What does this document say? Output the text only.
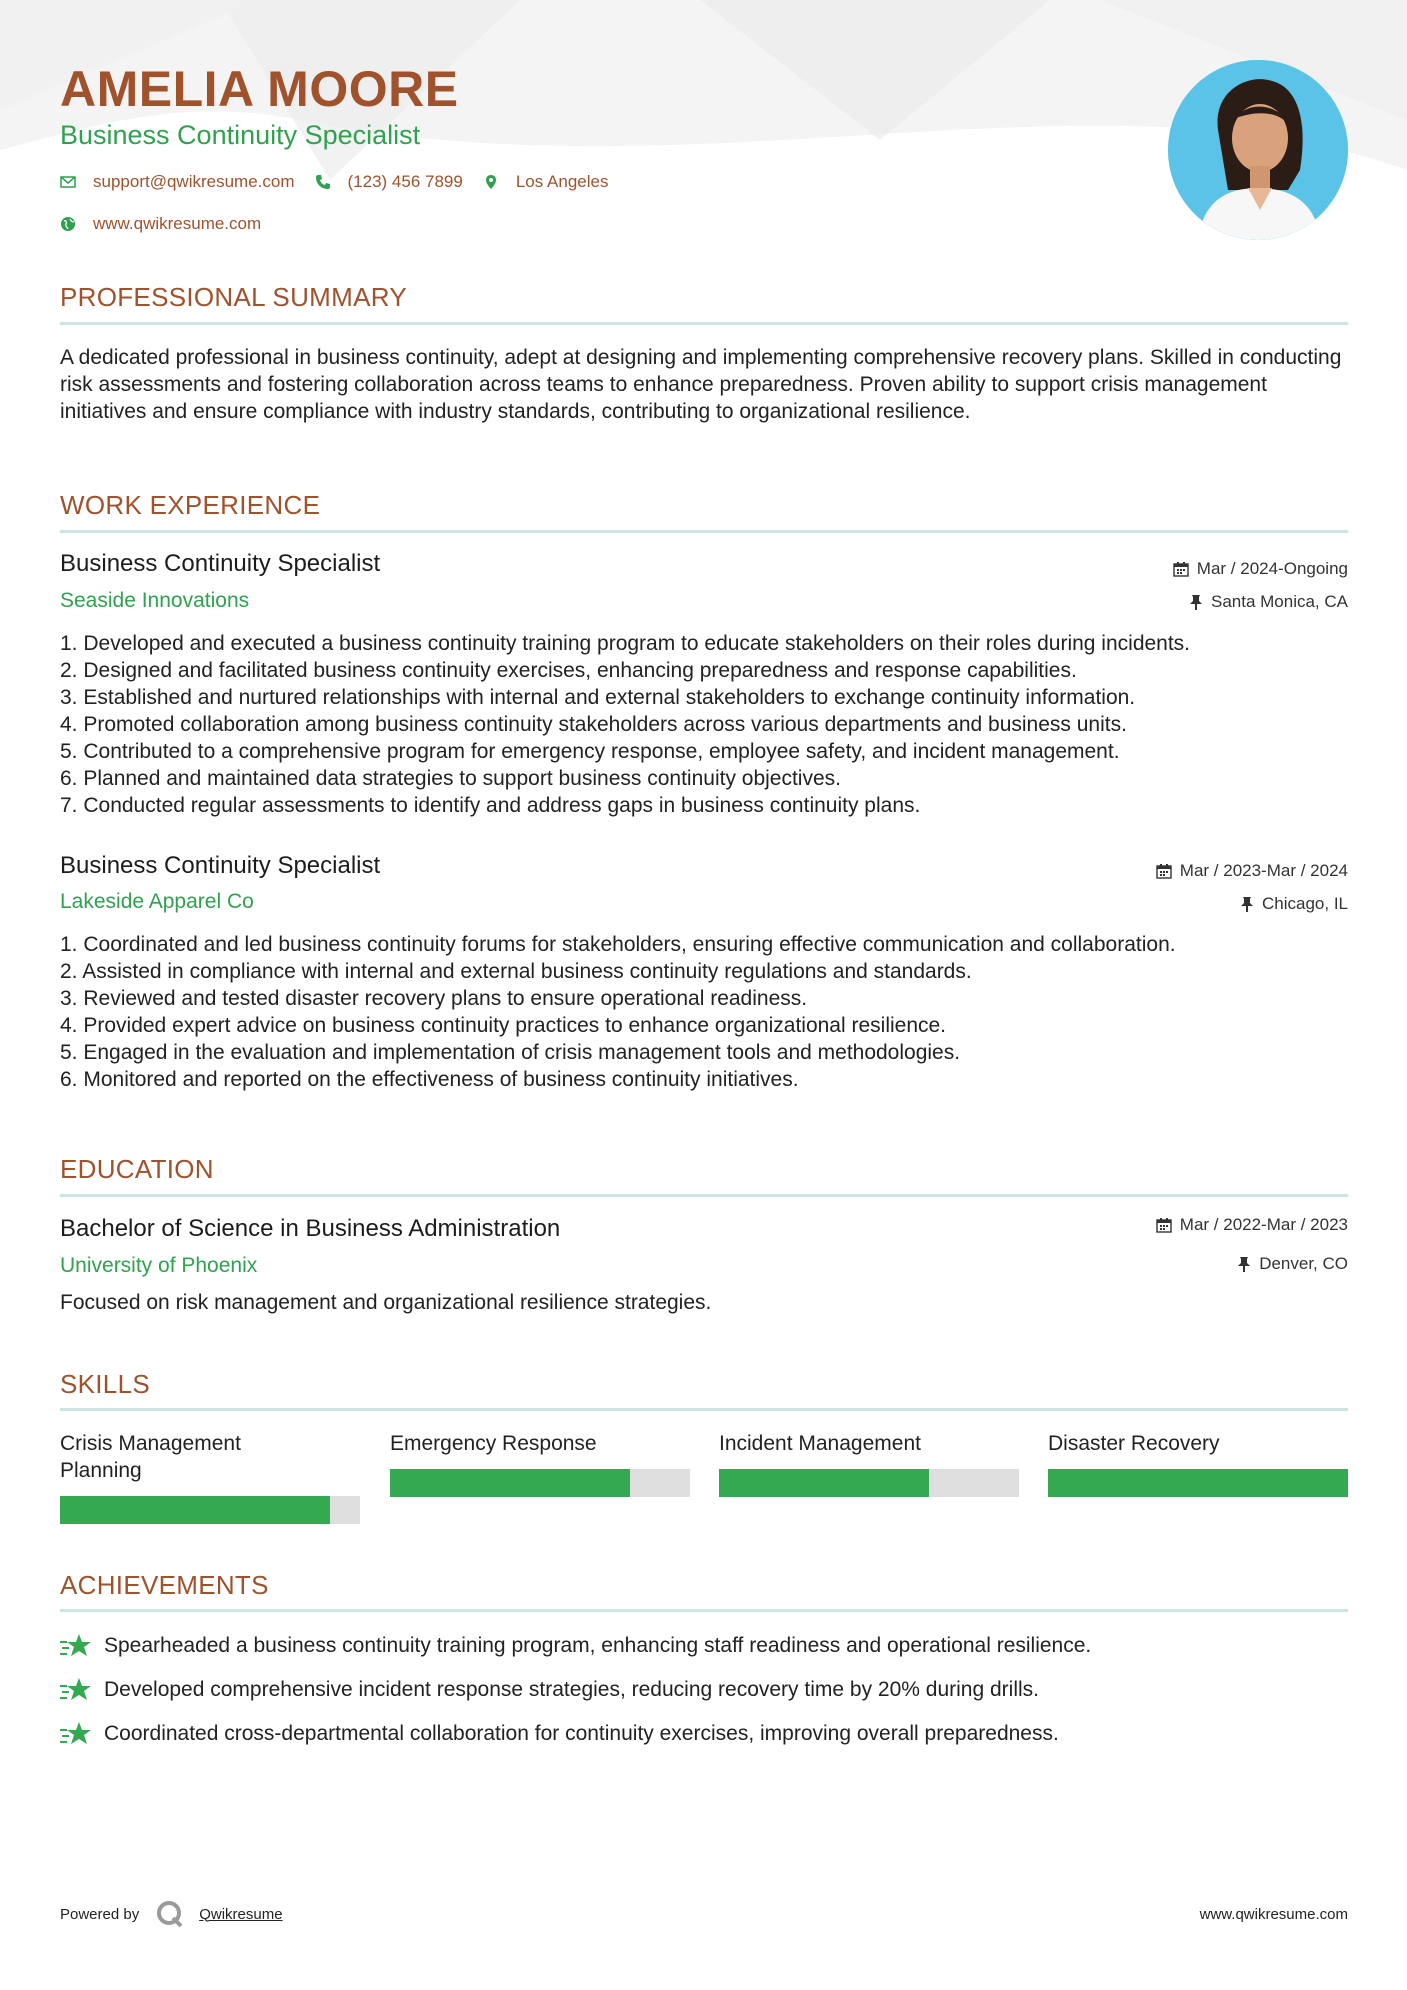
AMELIA MOORE
Business Continuity Specialist
support@qwikresume.com	(123) 456 7899	Los Angeles
www.qwikresume.com
PROFESSIONAL SUMMARY

A dedicated professional in business continuity, adept at designing and implementing comprehensive recovery plans. Skilled in conducting risk assessments and fostering collaboration across teams to enhance preparedness. Proven ability to support crisis management initiatives and ensure compliance with industry standards, contributing to organizational resilience.

WORK EXPERIENCE
Business Continuity Specialist	Mar / 2024-Ongoing
Seaside Innovations	Santa Monica, CA
1. Developed and executed a business continuity training program to educate stakeholders on their roles during incidents.
2. Designed and facilitated business continuity exercises, enhancing preparedness and response capabilities.
3. Established and nurtured relationships with internal and external stakeholders to exchange continuity information.
4. Promoted collaboration among business continuity stakeholders across various departments and business units.
5. Contributed to a comprehensive program for emergency response, employee safety, and incident management.
6. Planned and maintained data strategies to support business continuity objectives.
7. Conducted regular assessments to identify and address gaps in business continuity plans.
Business Continuity Specialist	Mar / 2023-Mar / 2024
Lakeside Apparel Co	Chicago, IL
1. Coordinated and led business continuity forums for stakeholders, ensuring effective communication and collaboration.
2. Assisted in compliance with internal and external business continuity regulations and standards.
3. Reviewed and tested disaster recovery plans to ensure operational readiness.
4. Provided expert advice on business continuity practices to enhance organizational resilience.
5. Engaged in the evaluation and implementation of crisis management tools and methodologies.
6. Monitored and reported on the effectiveness of business continuity initiatives.
EDUCATION
Bachelor of Science in Business Administration	Mar / 2022-Mar / 2023
University of Phoenix	Denver, CO

Focused on risk management and organizational resilience strategies.

SKILLS
Crisis Management Planning
Emergency Response	Incident Management	Disaster Recovery
ACHIEVEMENTS
Spearheaded a business continuity training program, enhancing staff readiness and operational resilience.
Developed comprehensive incident response strategies, reducing recovery time by 20% during drills.
Coordinated cross-departmental collaboration for continuity exercises, improving overall preparedness.
Powered by	Qwikresume	www.qwikresume.com
